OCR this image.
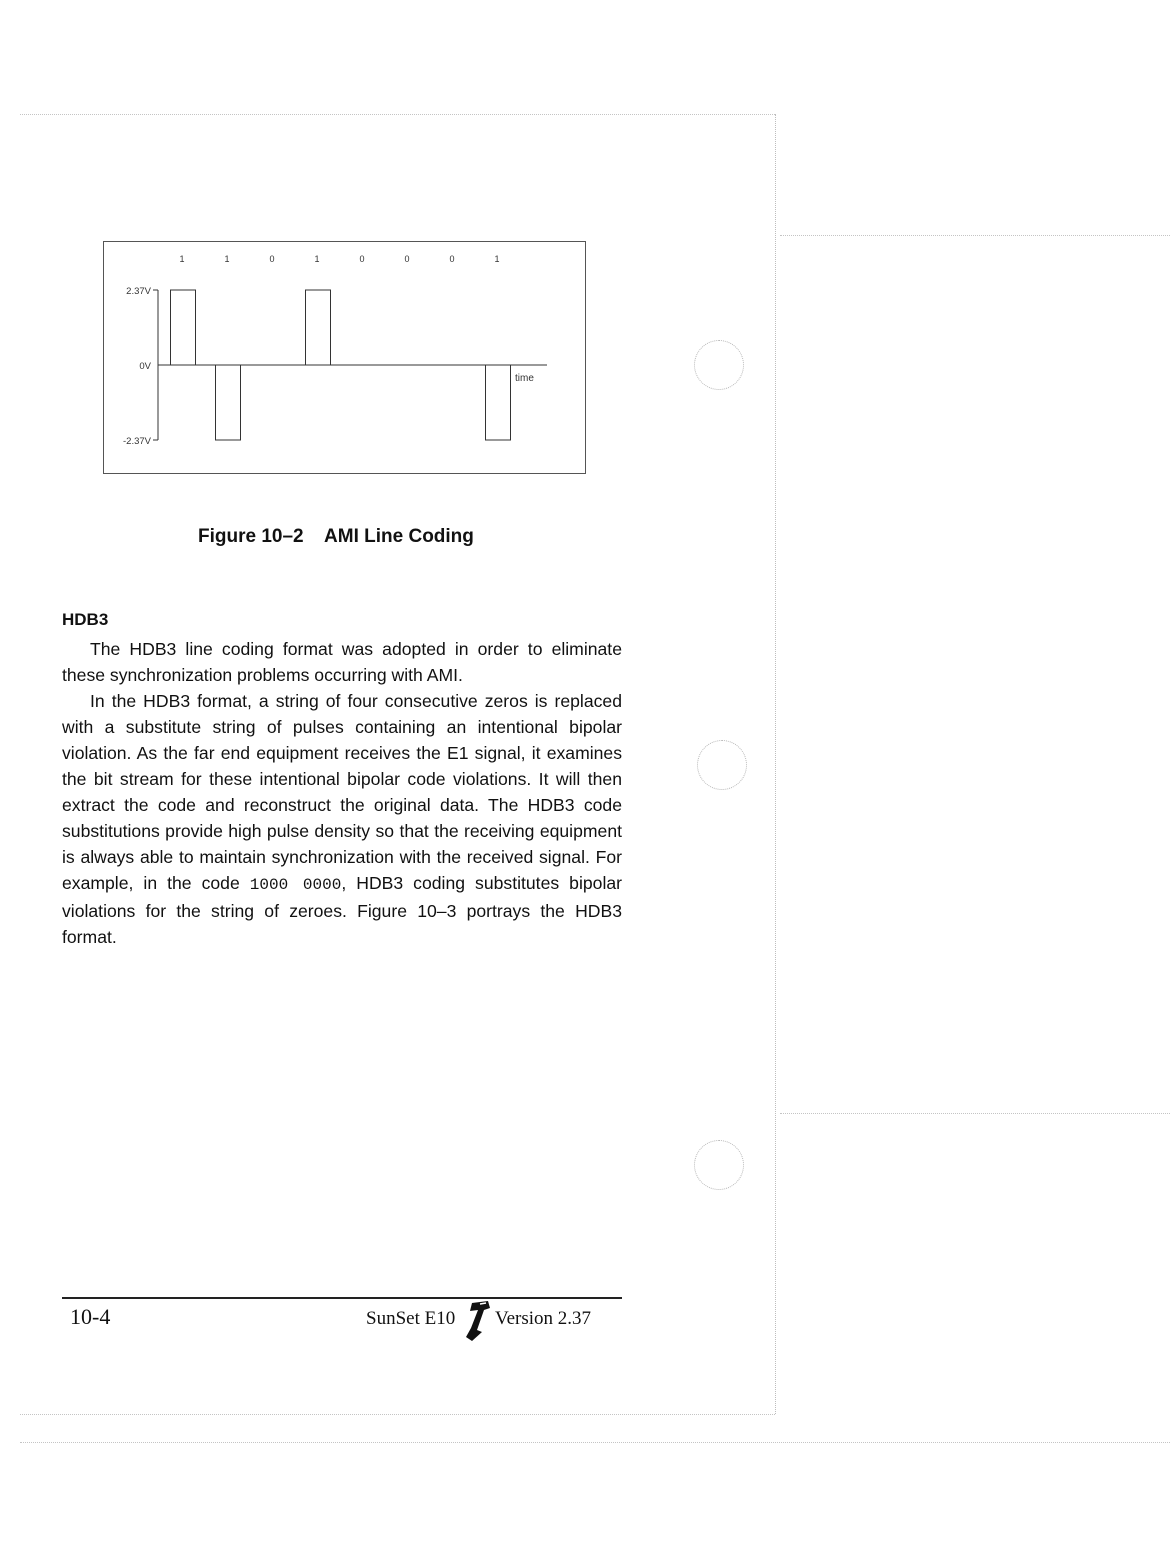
1	1	0	1	0	0	0	1
2.37V
0V
-2.37V
time
Figure 10–2 AMI Line Coding
HDB3

The HDB3 line coding format was adopted in order to eliminate these synchronization problems occurring with AMI.

In the HDB3 format, a string of four consecutive zeros is replaced with a substitute string of pulses containing an intentional bipolar violation. As the far end equipment receives the E1 signal, it examines the bit stream for these intentional bipolar code violations. It will then extract the code and reconstruct the original data. The HDB3 code substitutions provide high pulse density so that the receiving equipment is always able to maintain synchronization with the received signal. For example, in the code 1000 0000, HDB3 coding substitutes bipolar violations for the string of zeroes. Figure 10–3 portrays the HDB3 format.

10-4	SunSet E10 Version 2.37
